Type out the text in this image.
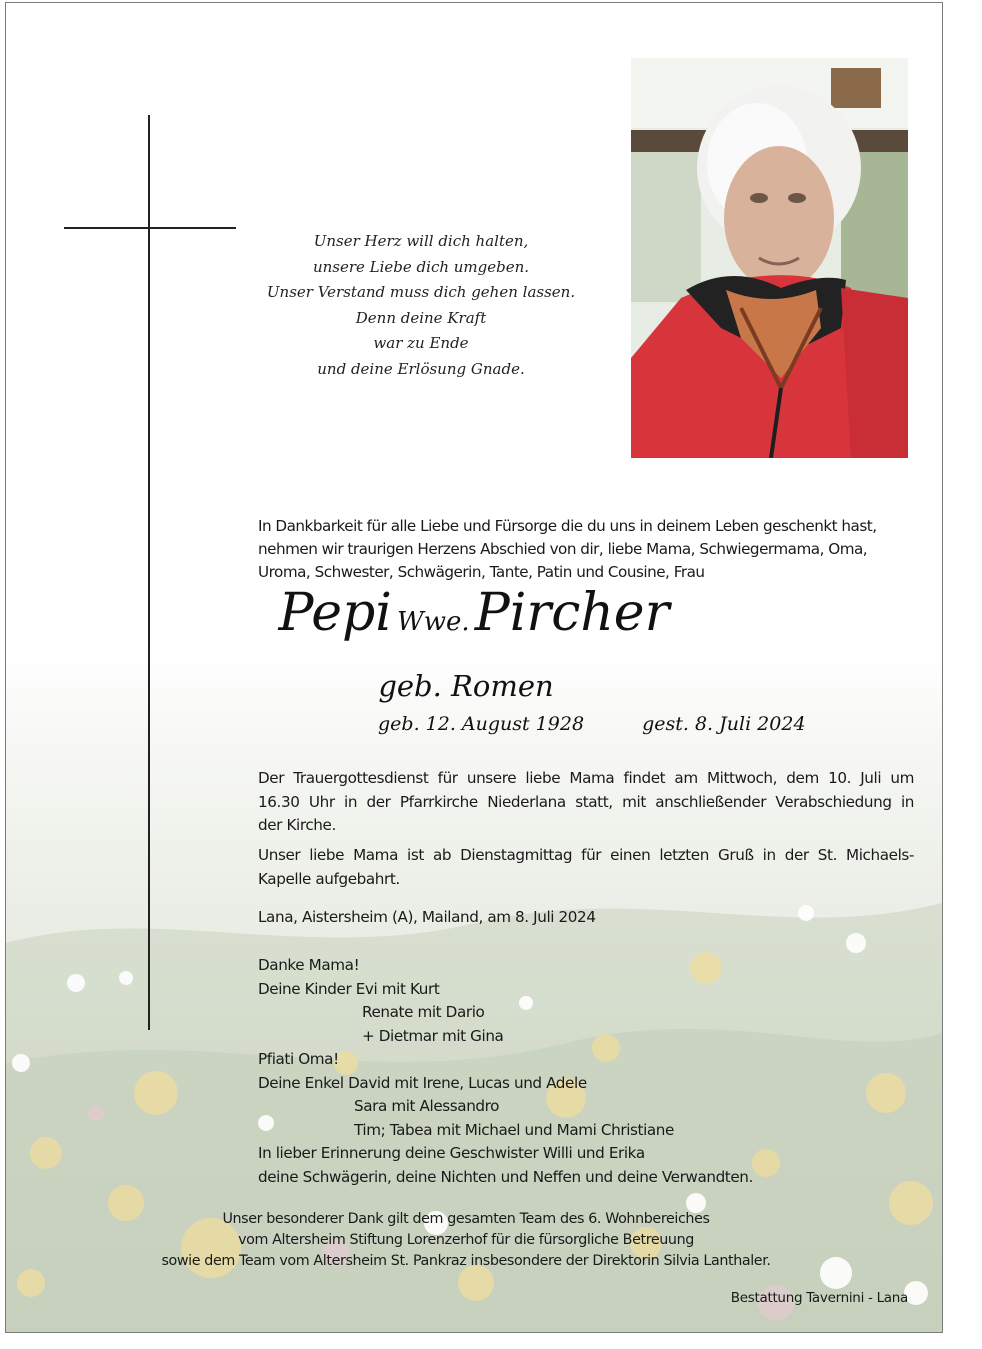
Unser Herz will dich halten,
unsere Liebe dich umgeben.
Unser Verstand muss dich gehen lassen.
Denn deine Kraft
war zu Ende
und deine Erlösung Gnade.
In Dankbarkeit für alle Liebe und Fürsorge die du uns in deinem Leben geschenkt hast,
nehmen wir traurigen Herzens Abschied von dir, liebe Mama, Schwiegermama, Oma,
Uroma, Schwester, Schwägerin, Tante, Patin und Cousine, Frau
Pepi Wwe. Pircher
geb. Romen
geb. 12. August 1928	gest. 8. Juli 2024
Der Trauergottesdienst für unsere liebe Mama findet am Mittwoch, dem 10. Juli um
16.30 Uhr in der Pfarrkirche Niederlana statt, mit anschließender Verabschiedung in
der Kirche.
Unser liebe Mama ist ab Dienstagmittag für einen letzten Gruß in der St. Michaels-
Kapelle aufgebahrt.
Lana, Aistersheim (A), Mailand, am 8. Juli 2024
Danke Mama!
Deine Kinder Evi mit Kurt
Renate mit Dario
+ Dietmar mit Gina
Pfiati Oma!
Deine Enkel David mit Irene, Lucas und Adele
Sara mit Alessandro
Tim; Tabea mit Michael und Mami Christiane
In lieber Erinnerung deine Geschwister Willi und Erika
deine Schwägerin, deine Nichten und Neffen und deine Verwandten.
Unser besonderer Dank gilt dem gesamten Team des 6. Wohnbereiches
vom Altersheim Stiftung Lorenzerhof für die fürsorgliche Betreuung
sowie dem Team vom Altersheim St. Pankraz insbesondere der Direktorin Silvia Lanthaler.
Bestattung Tavernini - Lana
